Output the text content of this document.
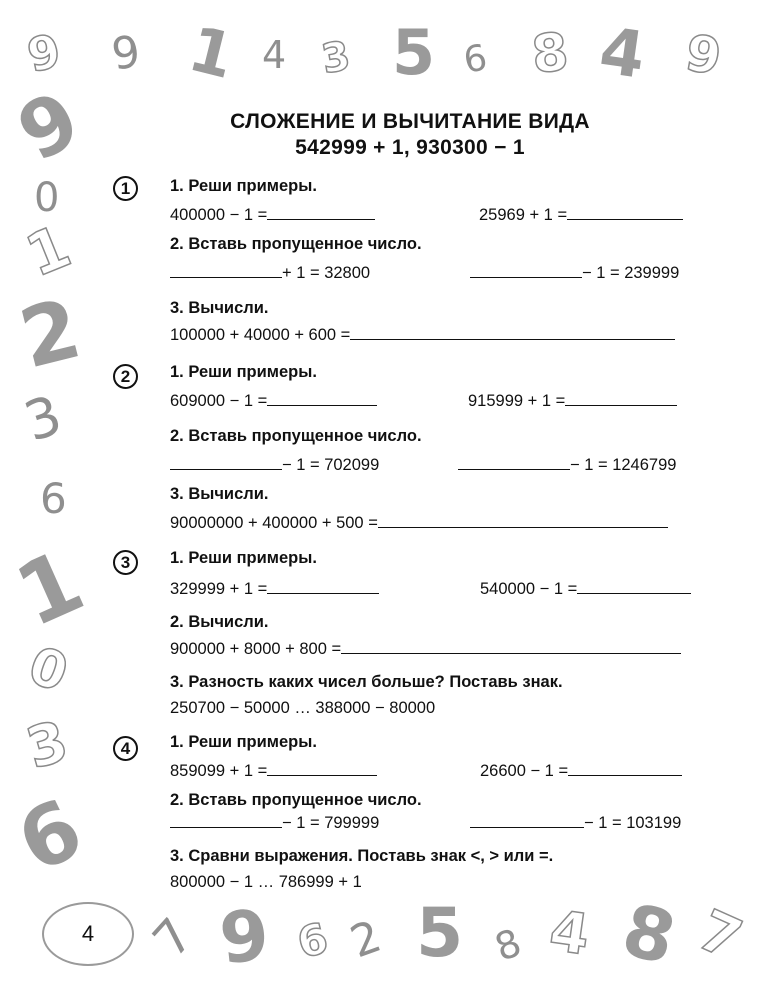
9 9 1 4 3 5 6 8 4 9
9
0
1
2
3
6
1
0
3
6
7 9 6 2 5 8 4 8 7
4
СЛОЖЕНИЕ И ВЫЧИТАНИЕ ВИДА
542999 + 1, 930300 − 1
1	1. Реши примеры.
400000 − 1 =	25969 + 1 =
2. Вставь пропущенное число.
+ 1 = 32800	− 1 = 239999
3. Вычисли.
100000 + 40000 + 600 =
2	1. Реши примеры.
609000 − 1 =	915999 + 1 =
2. Вставь пропущенное число.
− 1 = 702099	− 1 = 1246799
3. Вычисли.
90000000 + 400000 + 500 =
3	1. Реши примеры.
329999 + 1 =	540000 − 1 =
2. Вычисли.
900000 + 8000 + 800 =
3. Разность каких чисел больше? Поставь знак.
250700 − 50000 … 388000 − 80000
4	1. Реши примеры.
859099 + 1 =	26600 − 1 =
2. Вставь пропущенное число.
− 1 = 799999	− 1 = 103199
3. Сравни выражения. Поставь знак <, > или =.
800000 − 1 … 786999 + 1
